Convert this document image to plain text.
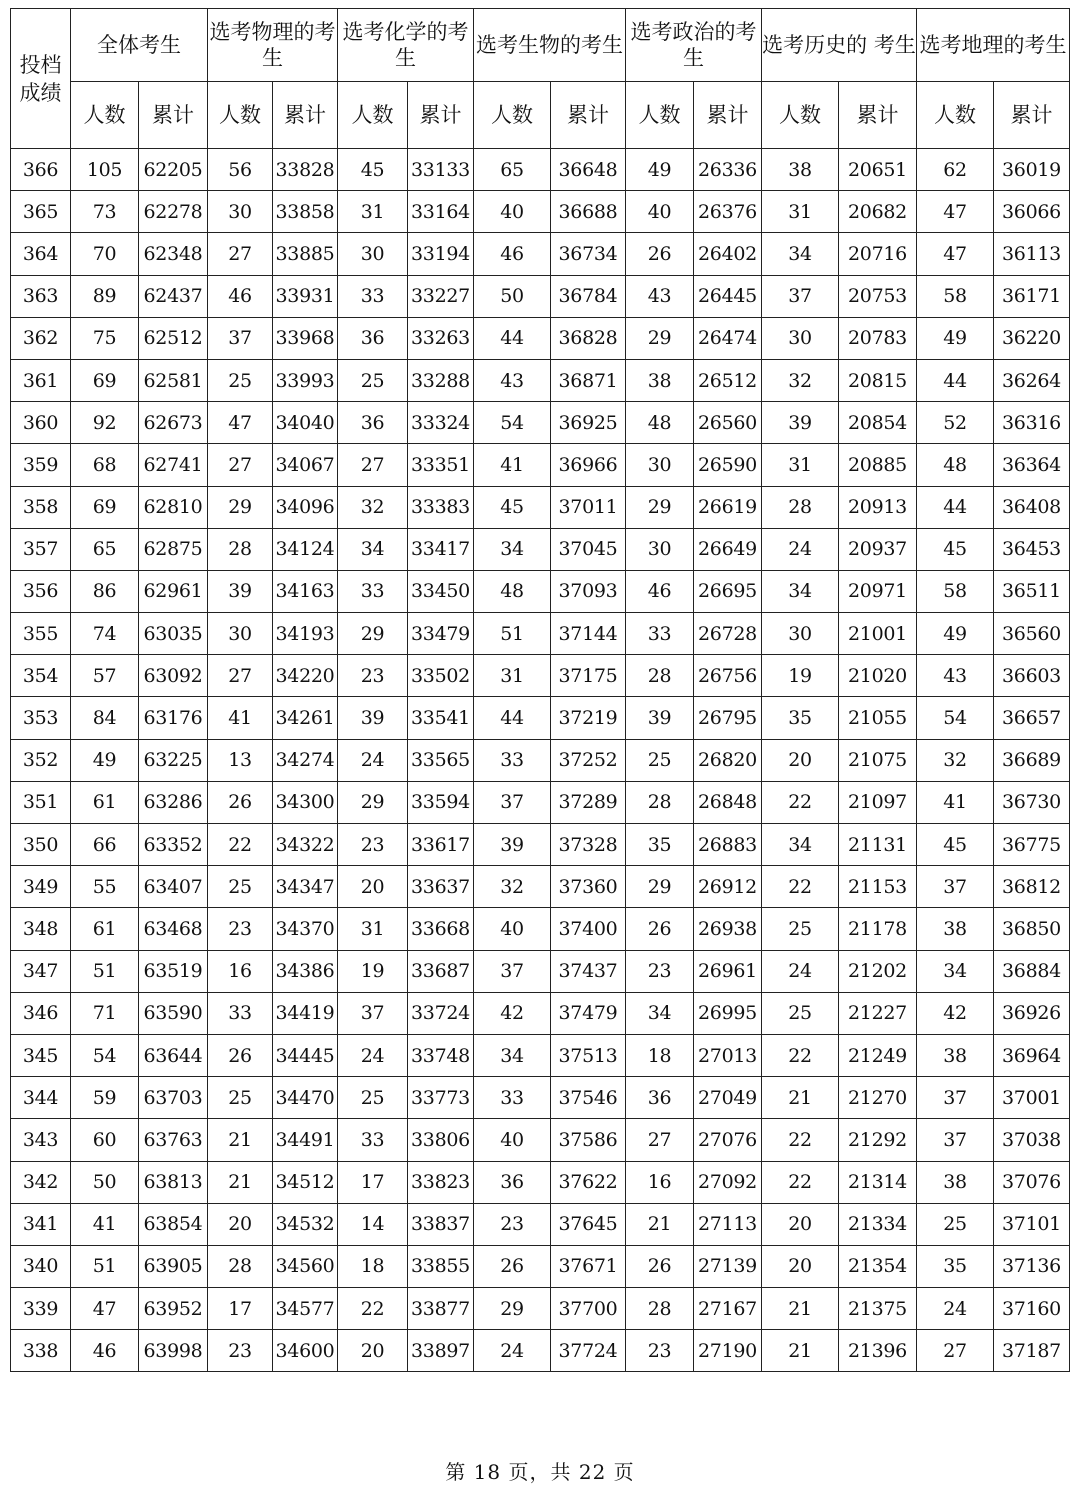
投档成绩	全体考生		选考物理的考生		选考化学的考生		选考生物的考生		选考政治的考生		选考历史的 考生		选考地理的考生	
	人数	累计	人数	累计	人数	累计	人数	累计	人数	累计	人数	累计	人数	累计
366	105	62205	56	33828	45	33133	65	36648	49	26336	38	20651	62	36019
365	73	62278	30	33858	31	33164	40	36688	40	26376	31	20682	47	36066
364	70	62348	27	33885	30	33194	46	36734	26	26402	34	20716	47	36113
363	89	62437	46	33931	33	33227	50	36784	43	26445	37	20753	58	36171
362	75	62512	37	33968	36	33263	44	36828	29	26474	30	20783	49	36220
361	69	62581	25	33993	25	33288	43	36871	38	26512	32	20815	44	36264
360	92	62673	47	34040	36	33324	54	36925	48	26560	39	20854	52	36316
359	68	62741	27	34067	27	33351	41	36966	30	26590	31	20885	48	36364
358	69	62810	29	34096	32	33383	45	37011	29	26619	28	20913	44	36408
357	65	62875	28	34124	34	33417	34	37045	30	26649	24	20937	45	36453
356	86	62961	39	34163	33	33450	48	37093	46	26695	34	20971	58	36511
355	74	63035	30	34193	29	33479	51	37144	33	26728	30	21001	49	36560
354	57	63092	27	34220	23	33502	31	37175	28	26756	19	21020	43	36603
353	84	63176	41	34261	39	33541	44	37219	39	26795	35	21055	54	36657
352	49	63225	13	34274	24	33565	33	37252	25	26820	20	21075	32	36689
351	61	63286	26	34300	29	33594	37	37289	28	26848	22	21097	41	36730
350	66	63352	22	34322	23	33617	39	37328	35	26883	34	21131	45	36775
349	55	63407	25	34347	20	33637	32	37360	29	26912	22	21153	37	36812
348	61	63468	23	34370	31	33668	40	37400	26	26938	25	21178	38	36850
347	51	63519	16	34386	19	33687	37	37437	23	26961	24	21202	34	36884
346	71	63590	33	34419	37	33724	42	37479	34	26995	25	21227	42	36926
345	54	63644	26	34445	24	33748	34	37513	18	27013	22	21249	38	36964
344	59	63703	25	34470	25	33773	33	37546	36	27049	21	21270	37	37001
343	60	63763	21	34491	33	33806	40	37586	27	27076	22	21292	37	37038
342	50	63813	21	34512	17	33823	36	37622	16	27092	22	21314	38	37076
341	41	63854	20	34532	14	33837	23	37645	21	27113	20	21334	25	37101
340	51	63905	28	34560	18	33855	26	37671	26	27139	20	21354	35	37136
339	47	63952	17	34577	22	33877	29	37700	28	27167	21	21375	24	37160
338	46	63998	23	34600	20	33897	24	37724	23	27190	21	21396	27	37187
第 18 页，共 22 页
